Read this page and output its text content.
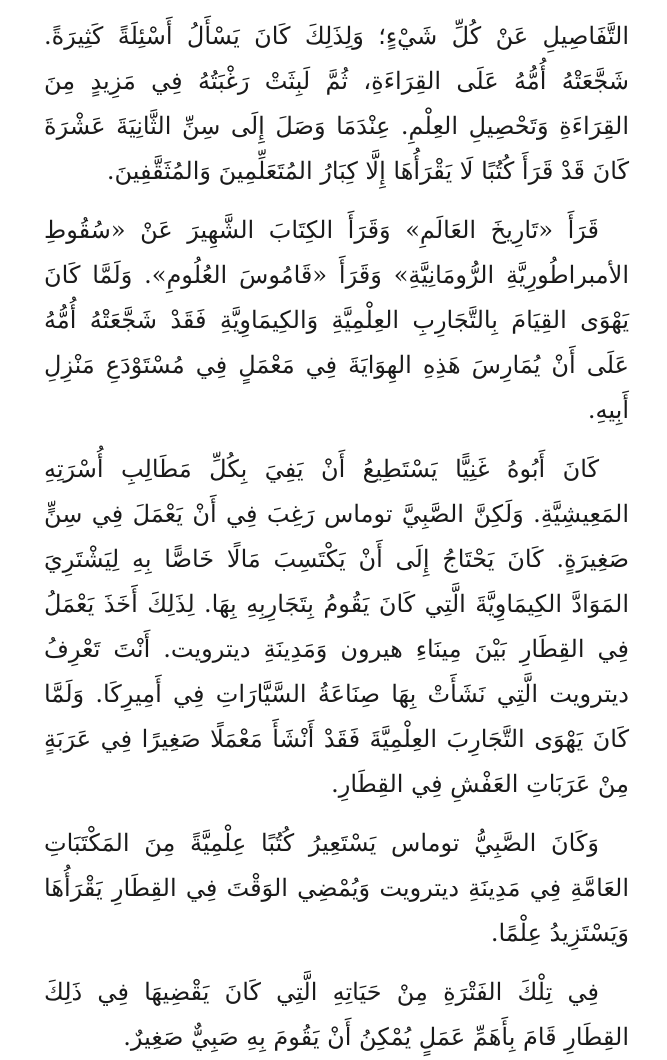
التَّفَاصِيلِ عَنْ كُلِّ شَيْءٍ؛ وَلِذَلِكَ كَانَ يَسْأَلُ أَسْئِلَةً كَثِيرَةً. شَجَّعَتْهُ أُمُّهُ عَلَى القِرَاءَةِ، ثُمَّ لَبِثَتْ رَغْبَتُهُ فِي مَزِيدٍ مِنَ القِرَاءَةِ وَتَحْصِيلِ العِلْمِ. عِنْدَمَا وَصَلَ إِلَى سِنِّ الثَّانِيَةَ عَشْرَةَ كَانَ قَدْ قَرَأَ كُتُبًا لَا يَقْرَأُهَا إِلَّا كِبَارُ المُتَعَلِّمِينَ وَالمُثَقَّفِينَ.

قَرَأَ «تَارِيخَ العَالَمِ» وَقَرَأَ الكِتَابَ الشَّهِيرَ عَنْ «سُقُوطِ الأمبراطُورِيَّةِ الرُّومَانِيَّةِ» وَقَرَأَ «قَامُوسَ العُلُومِ». وَلَمَّا كَانَ يَهْوَى القِيَامَ بِالتَّجَارِبِ العِلْمِيَّةِ وَالكِيمَاوِيَّةِ فَقَدْ شَجَّعَتْهُ أُمُّهُ عَلَى أَنْ يُمَارِسَ هَذِهِ الهِوَايَةَ فِي مَعْمَلٍ فِي مُسْتَوْدَعِ مَنْزِلِ أَبِيهِ.

كَانَ أَبُوهُ غَنِيًّا يَسْتَطِيعُ أَنْ يَفِيَ بِكُلِّ مَطَالِبِ أُسْرَتِهِ المَعِيشِيَّةِ. وَلَكِنَّ الصَّبِيَّ توماس رَغِبَ فِي أَنْ يَعْمَلَ فِي سِنٍّ صَغِيرَةٍ. كَانَ يَحْتَاجُ إِلَى أَنْ يَكْتَسِبَ مَالًا خَاصًّا بِهِ لِيَشْتَرِيَ المَوَادَّ الكِيمَاوِيَّةَ الَّتِي كَانَ يَقُومُ بِتَجَارِبِهِ بِهَا. لِذَلِكَ أَخَذَ يَعْمَلُ فِي القِطَارِ بَيْنَ مِينَاءِ هيرون وَمَدِينَةِ ديترويت. أَنْتَ تَعْرِفُ ديترويت الَّتِي نَشَأَتْ بِهَا صِنَاعَةُ السَّيَّارَاتِ فِي أَمِيرِكَا. وَلَمَّا كَانَ يَهْوَى التَّجَارِبَ العِلْمِيَّةَ فَقَدْ أَنْشَأَ مَعْمَلًا صَغِيرًا فِي عَرَبَةٍ مِنْ عَرَبَاتِ العَفْشِ فِي القِطَارِ.

وَكَانَ الصَّبِيُّ توماس يَسْتَعِيرُ كُتُبًا عِلْمِيَّةً مِنَ المَكْتَبَاتِ العَامَّةِ فِي مَدِينَةِ ديترويت وَيُمْضِي الوَقْتَ فِي القِطَارِ يَقْرَأُهَا وَيَسْتَزِيدُ عِلْمًا.

فِي تِلْكَ الفَتْرَةِ مِنْ حَيَاتِهِ الَّتِي كَانَ يَقْضِيهَا فِي ذَلِكَ القِطَارِ قَامَ بِأَهَمِّ عَمَلٍ يُمْكِنُ أَنْ يَقُومَ بِهِ صَبِيٌّ صَغِيرٌ.
